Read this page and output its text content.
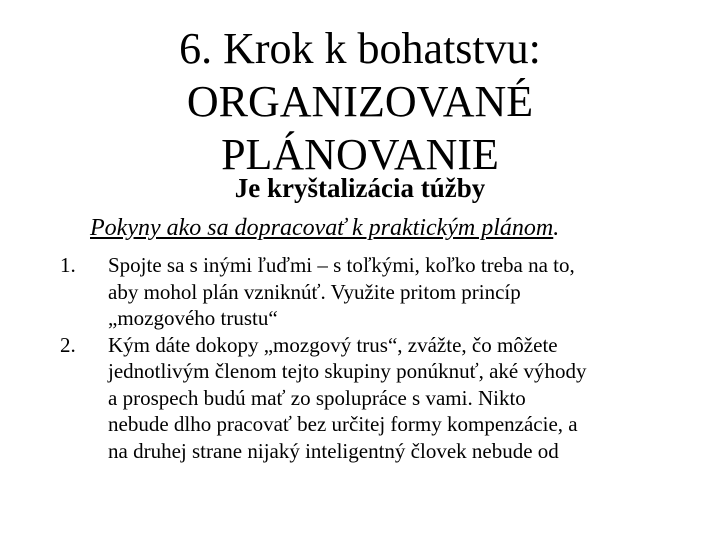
6. Krok k bohatstvu:
ORGANIZOVANÉ
PLÁNOVANIE
Je kryštalizácia túžby
Pokyny ako sa dopracovať k praktickým plánom.
1. Spojte sa s inými ľuďmi – s toľkými, koľko treba na to,
aby mohol plán vzniknúť. Využite pritom princíp
„mozgového trustu“
2. Kým dáte dokopy „mozgový trus“, zvážte, čo môžete
jednotlivým členom tejto skupiny ponúknuť, aké výhody
a prospech budú mať zo spolupráce s vami. Nikto
nebude dlho pracovať bez určitej formy kompenzácie, a
na druhej strane nijaký inteligentný človek nebude od
